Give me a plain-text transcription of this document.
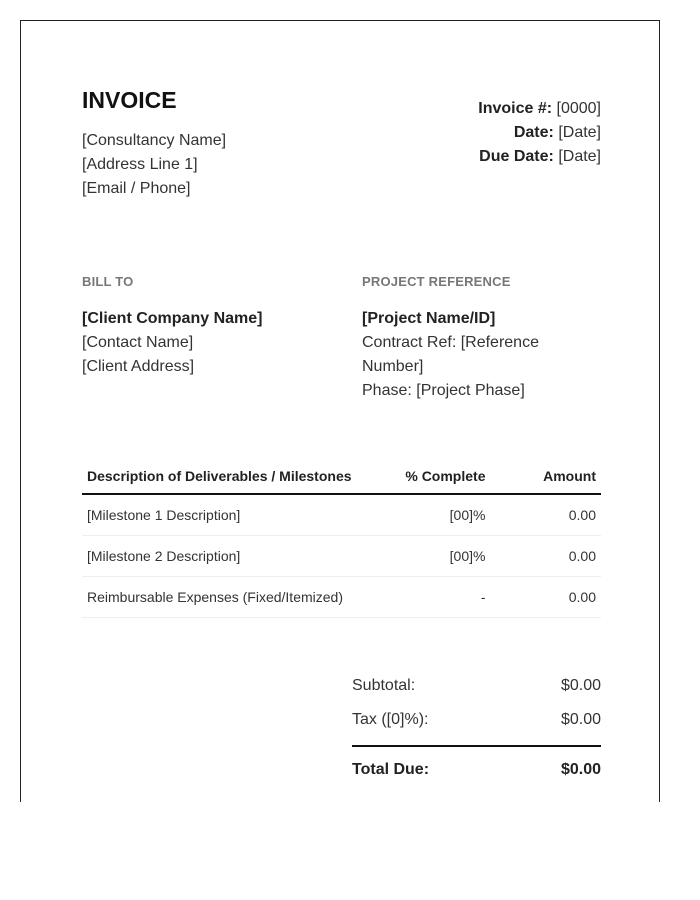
INVOICE
[Consultancy Name]
[Address Line 1]
[Email / Phone]
Invoice #: [0000]
Date: [Date]
Due Date: [Date]
BILL TO
[Client Company Name]
[Contact Name]
[Client Address]
PROJECT REFERENCE
[Project Name/ID]
Contract Ref: [Reference Number]
Phase: [Project Phase]
Description of Deliverables / Milestones	% Complete	Amount
[Milestone 1 Description]	[00]%	0.00
[Milestone 2 Description]	[00]%	0.00
Reimbursable Expenses (Fixed/Itemized)	-	0.00
Subtotal:	$0.00
Tax ([0]%):	$0.00
Total Due:	$0.00
